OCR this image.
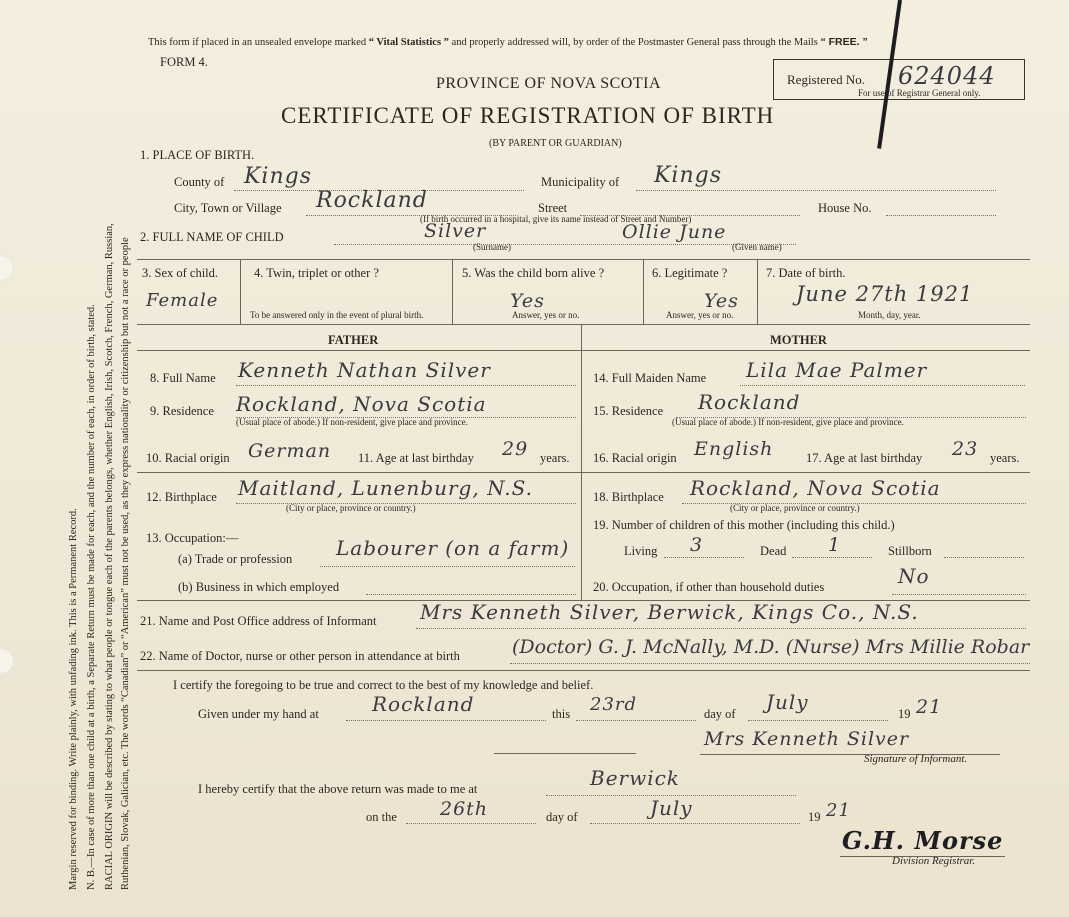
Margin reserved for binding. Write plainly, with unfading ink. This is a Permanent Record. N. B.—In case of more than one child at a birth, a Separate Return must be made for each, and the number of each, in order of birth, stated. RACIAL ORIGIN will be described by stating to what people or tongue each of the parents belongs, whether English, Irish, Scotch, French, German, Russian, Ruthenian, Slovak, Galician, etc. The words “Canadian” or “American” must not be used, as they express nationality or citizenship but not a race or people
This form if placed in an unsealed envelope marked “ Vital Statistics ” and properly addressed will, by order of the Postmaster General pass through the Mails “ FREE. ”
FORM 4.
PROVINCE OF NOVA SCOTIA
CERTIFICATE OF REGISTRATION OF BIRTH
(BY PARENT OR GUARDIAN)
Registered No. 624044
For use of Registrar General only.
1. PLACE OF BIRTH.
County of Kings	Municipality of Kings
City, Town or Village Rockland	Street	House No.
(If birth occurred in a hospital, give its name instead of Street and Number)
2. FULL NAME OF CHILD	Silver	Ollie June
(Surname)	(Given name)
3. Sex of child.
Female
4. Twin, triplet or other ?
To be answered only in the event of plural birth.
5. Was the child born alive ?
Yes
Answer, yes or no.
6. Legitimate ?
Yes
Answer, yes or no.
7. Date of birth.
June 27th 1921
Month, day, year.
FATHER	MOTHER
8. Full Name Kenneth Nathan Silver
9. Residence Rockland, Nova Scotia
(Usual place of abode.) If non-resident, give place and province.
10. Racial origin German 11. Age at last birthday 29 years.
12. Birthplace Maitland, Lunenburg, N.S.
(City or place, province or country.)
13. Occupation:—
(a) Trade or profession Labourer (on a farm)
(b) Business in which employed
14. Full Maiden Name Lila Mae Palmer
15. Residence Rockland
(Usual place of abode.) If non-resident, give place and province.
16. Racial origin English	17. Age at last birthday 23 years.
18. Birthplace Rockland, Nova Scotia
(City or place, province or country.)
19. Number of children of this mother (including this child.)
Living 3	Dead 1	Stillborn
20. Occupation, if other than household duties	No
21. Name and Post Office address of Informant Mrs Kenneth Silver, Berwick, Kings Co., N.S.
22. Name of Doctor, nurse or other person in attendance at birth	(Doctor) G. J. McNally, M.D. (Nurse) Mrs Millie Robar
I certify the foregoing to be true and correct to the best of my knowledge and belief.
Given under my hand at	Rockland	this 23rd	day of July	19 21
Mrs Kenneth Silver
Signature of Informant.
I hereby certify that the above return was made to me at	Berwick
on the 26th	day of	July	19 21
G.H. Morse
Division Registrar.
